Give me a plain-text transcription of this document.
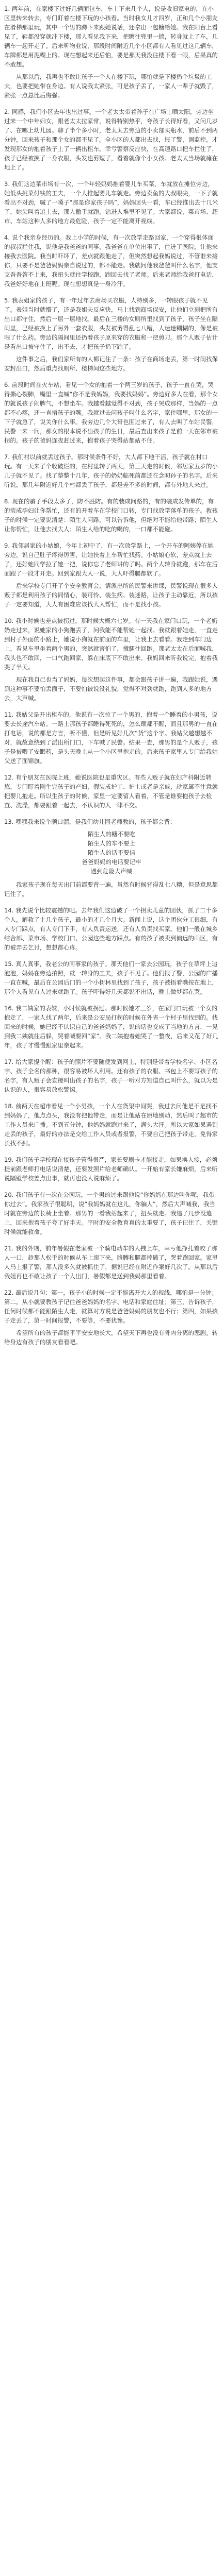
1. 两年前，在家楼下过好几辆面包车，车上下来几个人，说是收旧家电的，在小区里转来转去，专门盯着在楼下玩的小孩看。当时我女儿才四岁，正和几个小朋友在滑梯那里玩，其中一个男的蹲下来跟她说话，还拿出一包糖给她。我在阳台上看见了，鞋都没穿就冲下楼，那人看见我下来，把糖往兜里一揣，转身就上了车，几辆车一起开走了。后来听物业说，那段时间附近几个小区都有人看见过这几辆车，车牌都是用泥糊上的。现在想起来还后怕，要是那天我没往楼下看一眼，后果真的不敢想。

从那以后，我再也不敢让孩子一个人在楼下玩，哪怕就是下楼扔个垃圾的工夫，也要把她带在身边。有人说我太紧张，可是孩子丢了，一家人一辈子就毁了，紧张一点总比后悔强。

2. 同感，我们小区去年也出过事。一个老太太带着孙子在广场上晒太阳，旁边坐过来一个中年妇女，跟老太太拉家常，说得特别热乎，夸孩子长得好看，又问几岁了、在哪上幼儿园。聊了半个多小时，老太太去旁边的小卖部买瓶水，前后不到两分钟，回来孩子和那个女的都不见了。全小区的人都出去找，报了警，调监控，才发现那女的抱着孩子上了一辆出租车。幸亏警察反应快，在高速路口把车拦住了，孩子已经被换了一身衣服，头发也剪短了，看着就像个小女孩。老太太当场就瘫在地上了。

3. 我们这边菜市场有一次，一个年轻妈妈推着婴儿车买菜，车就放在摊位旁边，她低头挑菜付钱的工夫，一个人推起婴儿车就走。旁边卖鱼的大叔眼尖，一下子就看出不对劲，喊了一嗓子“那是你家孩子吗”，妈妈回头一看，车已经推出去十几米了，她尖叫着追上去，那人撒手就跑，钻进人堆里不见了。大家都说，菜市场、超市、车站这种人多的地方最危险，孩子一定不能离开视线。

4. 说个我亲身经历的。我上小学的时候，有一次放学走路回家，一个穿得很体面的叔叔拦住我，说他是我爸爸的同事，我爸爸在单位出事了，住进了医院，让他来接我去医院。我当时吓坏了，差点就跟他走了，但突然想起我妈说过，不管谁来接你，只要不是爸爸妈妈亲自说过的，都不能走。我就问他我爸爸叫什么名字，他支支吾吾答不上来，我扭头就往学校跑，跑回去找了老师。后来老师给我爸打电话，我爸好好地在上班呢。现在想想真是一身冷汗。

5. 我表姐家的孩子，有一年过年去商场买衣服，人特别多，一转眼孩子就不见了。表姐当时就懵了，还是我姐夫反应快，马上找到商场保安，让他们立刻把所有出口都守住，然后一层一层地找。最后在三楼的女厕所里找到了孩子，孩子坐在隔间里，已经被换上了另外一套衣服，头发被剪得乱七八糟，人迷迷糊糊的，像是被喂了什么药。旁边的隔间里还扔着孩子原来穿的衣服和一把剪刀。那个人贩子估计是看出口被守住了，出不去，才把孩子扔下跑了。

这件事之后，我们家所有的人都记住了一条：孩子在商场走丢，第一时间找保安封出口，然后重点找厕所、楼梯间这些地方。

6. 前段时间在火车站，看见一个女的抱着一个两三岁的孩子，孩子一直在哭，哭得撕心裂肺，嘴里一直喊“你不是我妈妈，我要找妈妈”。旁边好多人在看，那个女的就说孩子闹脾气，不想坐车。我越看越觉得不对劲，孩子哭成那样，当妈的一点都不心疼，还一直捂孩子的嘴。我就过去问孩子叫什么名字，家住哪里，那女的一下子就急了，说关你什么事。我旁边几个大哥也围过来了，有人去叫了车站民警，民警一来一问，那女的根本说不出孩子的生日，最后查出来孩子是前一天在邻市被拐的。孩子的爸妈连夜赶过来，抱着孩子哭得站都站不住。

7. 我们村以前就丢过孩子。那时候条件不好，大人都下地干活，孩子就在村口玩。有一天来了个收破烂的，在村里转了两天，第三天走的时候，邻居家五岁的小儿子就不见了。找了整整十几年，孩子的奶奶临死前都还在念叨孙子的名字。后来听说，那几年附近好几个村都丢了孩子，都是差不多的时间，都有外地人来过。

8. 现在的骗子手段太多了，防不胜防。有的装成问路的，有的装成发传单的，有的装成孕妇让你帮忙，还有的开着车在学校门口转，专门找放学落单的孩子。教孩子的时候一定要说清楚：陌生人问路，可以告诉他，但绝对不能给他带路；陌生人让你帮忙，让他去找大人；陌生人给的吃的喝的，一口都不能碰。

9. 我邻居家的小姑娘，今年上初中了，有一次放学路上，一个开车的阿姨停在她旁边，说自己肚子疼得厉害，让她扶着上车帮忙找药。小姑娘心软，差点就上去了，还好她同学拉了她一把，说你忘了老师讲的了吗。两个人转身就跑，那车在后面跟了一段才开走。回到家跟大人一说，大人吓得腿都软了。

后来学校专门开了个安全教育会，请派出所的民警来讲课，民警说现在很多人贩子都是利用孩子的同情心，装可怜、装生病、装迷路，让孩子主动靠近，所以孩子一定要知道，大人有困难应该找大人帮忙，而不是找小孩。

10. 我小时候也差点被拐过，那时候大概六七岁。有一天我在家门口玩，一个老奶奶走过来，说她家的小狗跑丢了，问我能不能帮她一起找。我就跟着她走，一直走到村子外面的小路上，她说小狗就在前面的车里，让我上去看看。我走到车门边上，看见车里坐着两个男的，突然就害怕了，撒腿往回跑。那老太太在后面喊我，我头也不敢回，一口气跑回家，躲在床底下不敢出来。我妈回来听我说完，抱着我哭了半天。

现在我自己也当了妈妈，每次想起这件事，都会跟孩子讲一遍，我跟她说，遇到这种事不要怕丢面子，不要怕被说没礼貌，觉得不对劲就跑，跑到人多的地方去，大声喊。

11. 我姑父是开出租车的，他说有一次拉了一个男的，抱着一个睡着的小男孩，说要去长途汽车站。一路上那孩子都睡得死死的，怎么颠都不醒，而且那男的一直在打电话，说的都是方言，听不懂，但是听见好几次“货”这个字。我姑父越想越不对，就故意绕到了派出所门口，下车喊了民警。结果一查，那男的是个人贩子，孩子是被喂了安眠药，是头天晚上从一个小区里抱走的。后来孩子家里人专门给我姑父送了面锦旗。

12. 有个朋友在医院上班，她说医院也是重灾区。有些人贩子就在妇产科附近转悠，专门盯着刚生完孩子的产妇，假装成护工、护士或者是亲戚，趁家属不注意就把婴儿抱走。所以生孩子的时候，家里一定要留人看着，不管是谁要抱孩子去检查、洗澡，都要跟着一起去，不认识的人一律不交。

13. 嘿嘿我来说个顺口溜，是我们幼儿园老师教的，孩子都会背：

陌生人的糖不要吃
陌生人的车不要上
陌生人的话不要信
爸爸妈妈的电话要记牢
遇到危险大声喊

我家孩子现在每天出门前都要背一遍，虽然有时候背得乱七八糟，但是意思都记住了。

14. 我先说个比较震撼的吧。去年我们这边破了一个拐卖儿童的团伙，抓了二十多个人，解救了十几个孩子，最小的才几个月大。新闻上说，这个团伙分工很细，有人专门踩点，有人专门下手，有人负责运送，还有人负责找买家。他们一般在城乡结合部、菜市场、学校门口、公园这些地方踩点。有的孩子被卖到偏远的山区，有的被弄去乞讨，想想都心疼。

15. 真人真事，我老公的同事家的孩子。那天他们一家去公园玩，孩子在草坪上追泡泡，妈妈在旁边拍照，就一转身的工夫，孩子不见了。他们报了警，公园的广播一直在喊，最后在公园后门的一个小树林里找到了孩子，孩子被捂着嘴按在地上，那个人看见有人过来就跑了。孩子吓得好几天都说不出话，晚上做梦都在哭。

16. 我二姨家的表妹，小时候就被拐过。那时候她才三岁，在家门口玩被一个女的抱走了，一家人找了两年，后来是公安局打拐的时候在外省一个村子里找到的。找回来的时候，她已经不认识自己的爸爸妈妈了，说的话也变成了当地的方言，一见到我二姨就往后躲，哭着喊要回“家”。我二姨抱着她哭了一整夜，后来又花了好几年，孩子才慢慢跟家里亲起来。

17. 给大家提个醒：孩子的照片不要随便发到网上，特别是带着学校名字、小区名字、孩子全名的那种，很容易被坏人利用。还有孩子的衣服、书包上不要写孩子的名字，有人贩子会直接叫出孩子的名字，孩子一听对方知道自己叫什么，就以为是认识的人，很容易放松警惕。

18. 前两天在超市看见一个小男孩，一个人在货架中间哭，我过去问他是不是找不到妈妈了，他点点头，我没有把他带走，而是让他站在原地别动，然后叫了超市的工作人员来广播。不到五分钟，他妈妈就跑过来了，满头大汗。所以大家如果遇到走丢的孩子，最好的办法是交给工作人员或者报警，不要自己把孩子带走，免得家长找不到。

19. 我们孩子学校现在接孩子管得很严，家长要刷卡才能接走，如果换人接，必须提前跟老师打电话说清楚，还要发照片给老师确认。一开始有家长嫌麻烦，后来听说隔壁学校差点出事，就再也没人说麻烦了。

20. 我们孩子有一次在公园玩，一个男的过来跟他说“你妈妈在那边叫你呢，我带你过去”。我家孩子很聪明，说“我妈妈就在这儿，你骗人”，然后大声喊我，我当时就在旁边的长椅上坐着。那男的一看我站起来了，扭头就走。我追了几步没追上，回来抱着孩子夸了好半天。平时的安全教育真的太重要了，孩子记住了，关键时候就能救命。

21. 我的外甥，前年暑假在老家被一个骑电动车的人拽上车，幸亏他挣扎着咬了那人一口，趁那人松手的时候从车上滚下来，胳膊和腿都摔破了，哭着跑回家。家里人马上报了警，那人没多久就被抓住了，据说已经在附近作案好几次了。从那以后我姐再也不敢让孩子一个人出门，暑假都是送到我妈那里看着。

22. 最后说几句：第一，孩子小的时候一定不能离开大人的视线，哪怕是一分钟；第二，从小就要教孩子记住爸爸妈妈的名字、电话和家庭住址；第三，告诉孩子，任何时候都不能跟陌生人走，就算对方说是爸爸妈妈的朋友也不行；第四，如果孩子走丢了，第一时间报警，不要等，不要犹豫。

希望所有的孩子都能平平安安地长大，希望天下再也没有骨肉分离的悲剧。转给身边有孩子的朋友看看吧。
